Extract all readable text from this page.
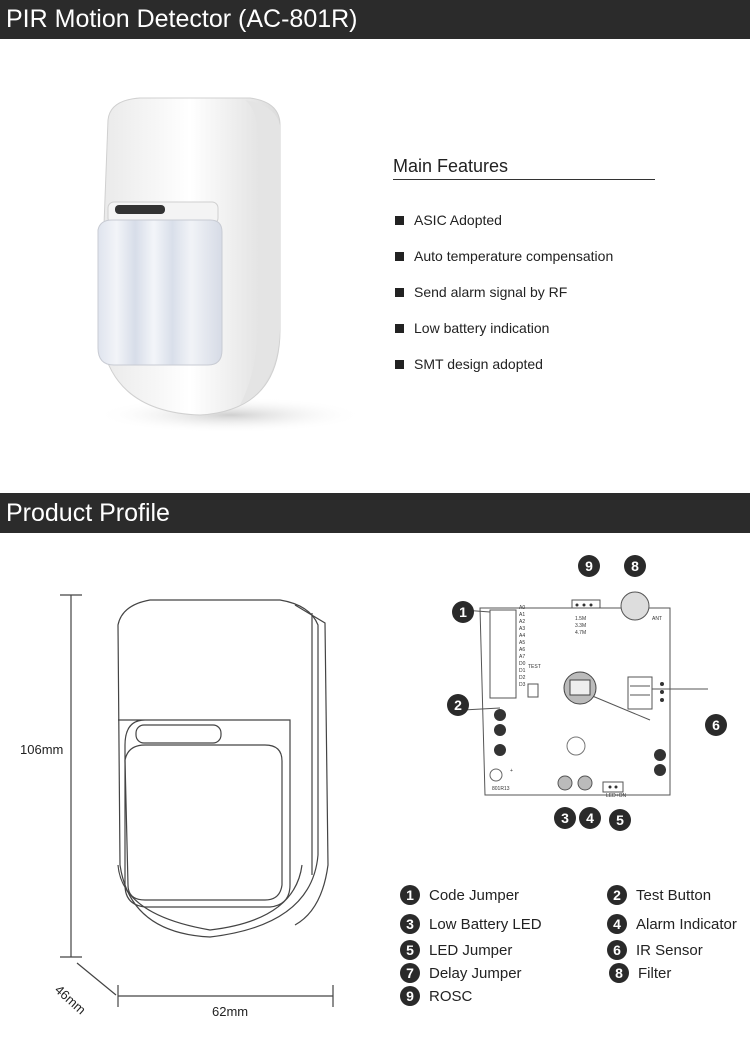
PIR Motion Detector (AC-801R)
Main Features
ASIC Adopted
Auto temperature compensation
Send alarm signal by RF
Low battery indication
SMT design adopted
Product Profile
106mm
46mm	62mm
A0
A1
A2
A3
A4
A5
A6
A7
D0
D1
D2
D3
TEST
ANT
1.5M
3.3M
4.7M
LED+ON
801R13
+
1
2
3 4 5
6
8
9
1 Code Jumper	2 Test Button
3 Low Battery LED	4 Alarm Indicator
5 LED Jumper	6 IR Sensor
7 Delay Jumper	8 Filter
9 ROSC
